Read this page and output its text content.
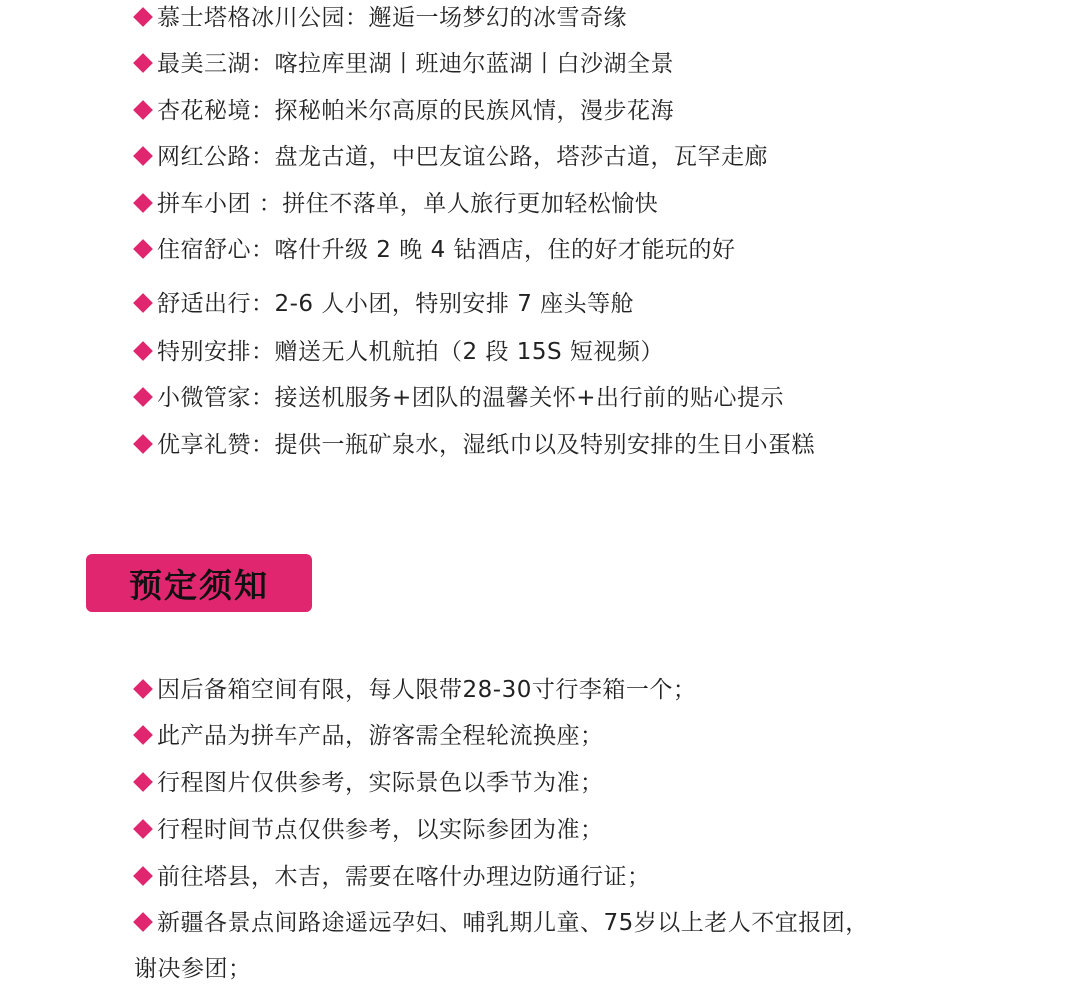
慕士塔格冰川公园：邂逅一场梦幻的冰雪奇缘
最美三湖：喀拉库里湖丨班迪尔蓝湖丨白沙湖全景
杏花秘境：探秘帕米尔高原的民族风情，漫步花海
网红公路：盘龙古道，中巴友谊公路，塔莎古道，瓦罕走廊
拼车小团 ：拼住不落单，单人旅行更加轻松愉快
住宿舒心：喀什升级 2 晚 4 钻酒店，住的好才能玩的好
舒适出行：2-6 人小团，特别安排 7 座头等舱
特别安排：赠送无人机航拍（2 段 15S 短视频）
小微管家：接送机服务+团队的温馨关怀+出行前的贴心提示
优享礼赞：提供一瓶矿泉水，湿纸巾以及特别安排的生日小蛋糕
预定须知
因后备箱空间有限，每人限带28-30寸行李箱一个；
此产品为拼车产品，游客需全程轮流换座；
行程图片仅供参考，实际景色以季节为准；
行程时间节点仅供参考，以实际参团为准；
前往塔县，木吉，需要在喀什办理边防通行证；
新疆各景点间路途遥远孕妇、哺乳期儿童、75岁以上老人不宜报团，
谢决参团；
